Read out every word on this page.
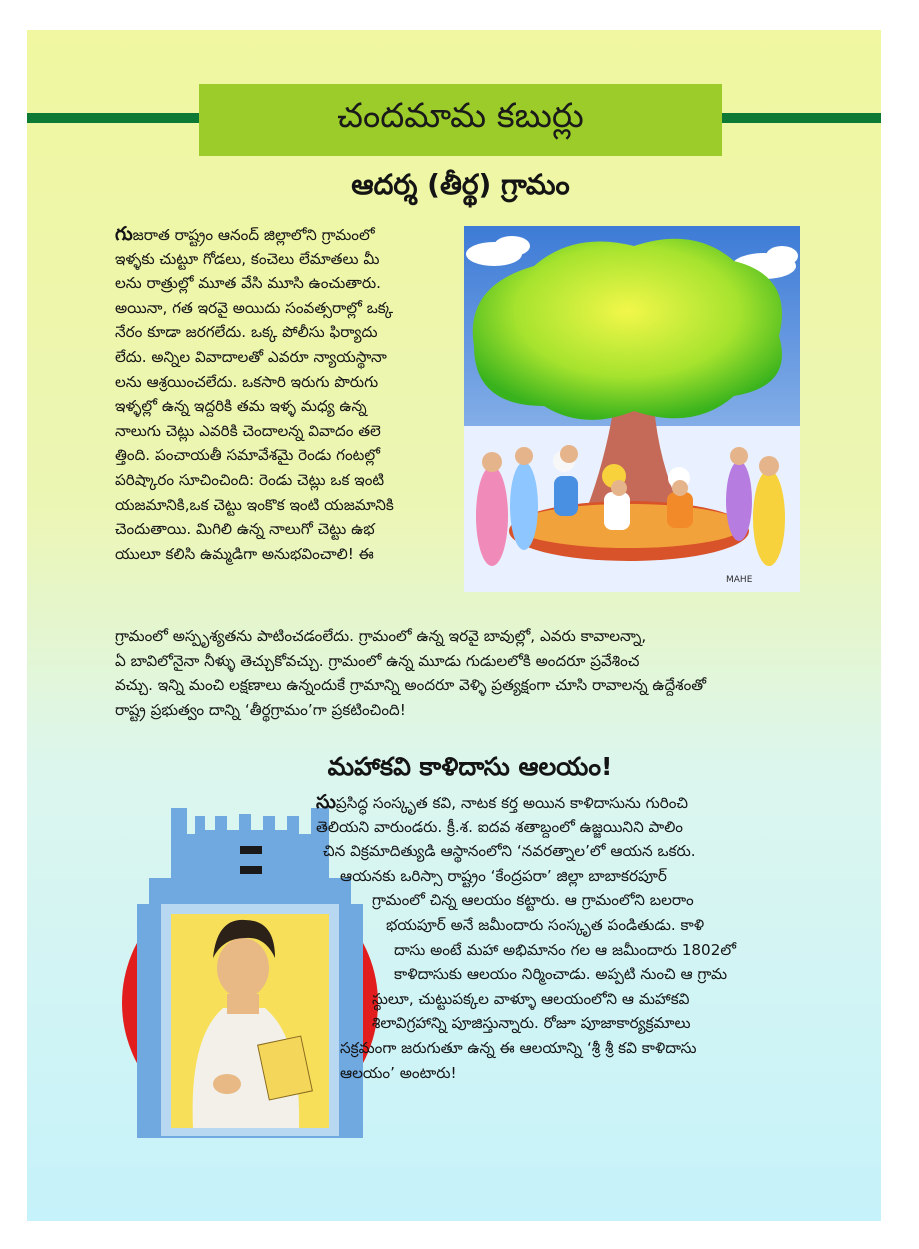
చందమామ కబుర్లు
ఆదర్శ (తీర్థ) గ్రామం
MAHE
గుజరాత రాష్ట్రం ఆనంద్ జిల్లాలోని గ్రామంలో
ఇళ్ళకు చుట్టూ గోడలు, కంచెలు లేమాతలు మీ
లను రాత్రుల్లో మూత వేసి మూసి ఉంచుతారు.
అయినా, గత ఇరవై అయిదు సంవత్సరాల్లో ఒక్క
నేరం కూడా జరగలేదు. ఒక్క పోలీసు ఫిర్యాదు
లేదు. అన్నిల వివాదాలతో ఎవరూ న్యాయస్థానా
లను ఆశ్రయించలేదు. ఒకసారి ఇరుగు పొరుగు
ఇళ్ళల్లో ఉన్న ఇద్దరికి తమ ఇళ్ళ మధ్య ఉన్న
నాలుగు చెట్లు ఎవరికి చెందాలన్న వివాదం తలె
త్తింది. పంచాయతీ సమావేశమై రెండు గంటల్లో
పరిష్కారం సూచించింది: రెండు చెట్లు ఒక ఇంటి
యజమానికి,ఒక చెట్టు ఇంకొక ఇంటి యజమానికి
చెందుతాయి. మిగిలి ఉన్న నాలుగో చెట్టు ఉభ
యులూ కలిసి ఉమ్మడిగా అనుభవించాలి! ఈ
గ్రామంలో అస్పృశ్యతను పాటించడంలేదు. గ్రామంలో ఉన్న ఇరవై బావుల్లో, ఎవరు కావాలన్నా,
ఏ బావిలోనైనా నీళ్ళు తెచ్చుకోవచ్చు. గ్రామంలో ఉన్న మూడు గుడులలోకి అందరూ ప్రవేశించ
వచ్చు. ఇన్ని మంచి లక్షణాలు ఉన్నందుకే గ్రామాన్ని అందరూ వెళ్ళి ప్రత్యక్షంగా చూసి రావాలన్న ఉద్దేశంతో
రాష్ట్ర ప్రభుత్వం దాన్ని ‘తీర్థగ్రామం’గా ప్రకటించింది!
మహాకవి కాళిదాసు ఆలయం!
సుప్రసిద్ధ సంస్కృత కవి, నాటక కర్త అయిన కాళిదాసును గురించి
తెలియని వారుండరు. క్రీ.శ. ఐదవ శతాబ్దంలో ఉజ్జయినిని పాలిం
చిన విక్రమాదిత్యుడి ఆస్థానంలోని ‘నవరత్నాల’లో ఆయన ఒకరు.
ఆయనకు ఒరిస్సా రాష్ట్రం ‘కేంద్రపరా’ జిల్లా బాబాకరపూర్
గ్రామంలో చిన్న ఆలయం కట్టారు. ఆ గ్రామంలోని బలరాం
భయపూర్ అనే జమీందారు సంస్కృత పండితుడు. కాళి
దాసు అంటే మహా అభిమానం గల ఆ జమీందారు 1802లో
కాళిదాసుకు ఆలయం నిర్మించాడు. అప్పటి నుంచి ఆ గ్రామ
స్థులూ, చుట్టుపక్కల వాళ్ళూ ఆలయంలోని ఆ మహాకవి
శిలావిగ్రహాన్ని పూజిస్తున్నారు. రోజూ పూజాకార్యక్రమాలు
సక్రమంగా జరుగుతూ ఉన్న ఈ ఆలయాన్ని ‘శ్రీ శ్రీ కవి కాళిదాసు
ఆలయం’ అంటారు!
